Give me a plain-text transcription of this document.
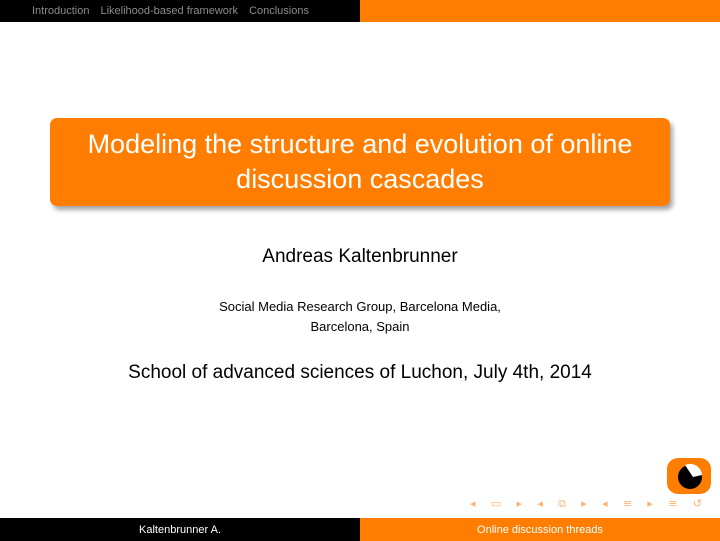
Introduction Likelihood-based framework Conclusions
Modeling the structure and evolution of online discussion cascades
Andreas Kaltenbrunner
Social Media Research Group, Barcelona Media,
Barcelona, Spain
School of advanced sciences of Luchon, July 4th, 2014
◂ ▭ ▸ ◂ ⧉ ▸ ◂ ≡ ▸ ≡ ↺
Kaltenbrunner A.	Online discussion threads
